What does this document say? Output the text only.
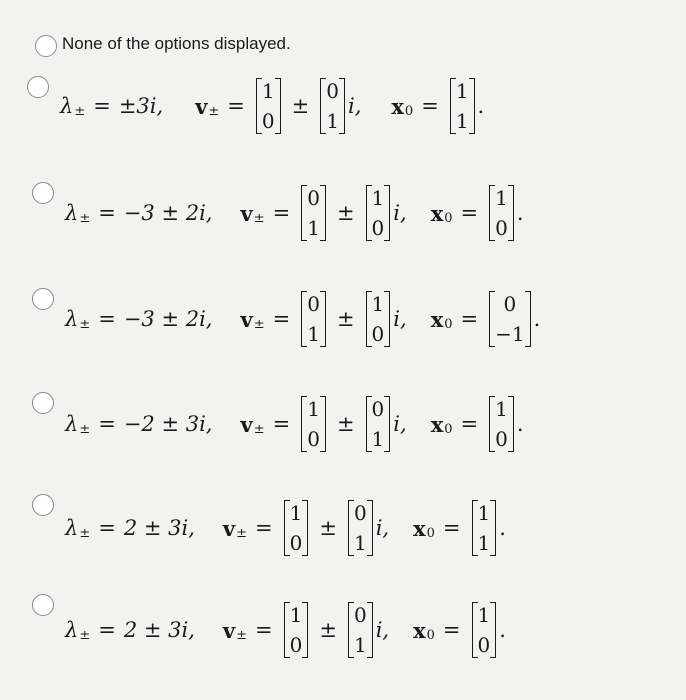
None of the options displayed.
λ ± = ±3i, v ± =
1
0
±
0
1
i, x 0 =
1
1
.
λ ± = −3 ± 2i, v ± =
0
1
±
1
0
i, x 0 =
1
0
.
λ ± = −3 ± 2i, v ± =
0
1
±
1
0
i, x 0 =
0
−1
.
λ ± = −2 ± 3i, v ± =
1
0
±
0
1
i, x 0 =
1
0
.
λ ± = 2 ± 3i, v ± =
1
0
±
0
1
i, x 0 =
1
1
.
λ ± = 2 ± 3i, v ± =
1
0
±
0
1
i, x 0 =
1
0
.
